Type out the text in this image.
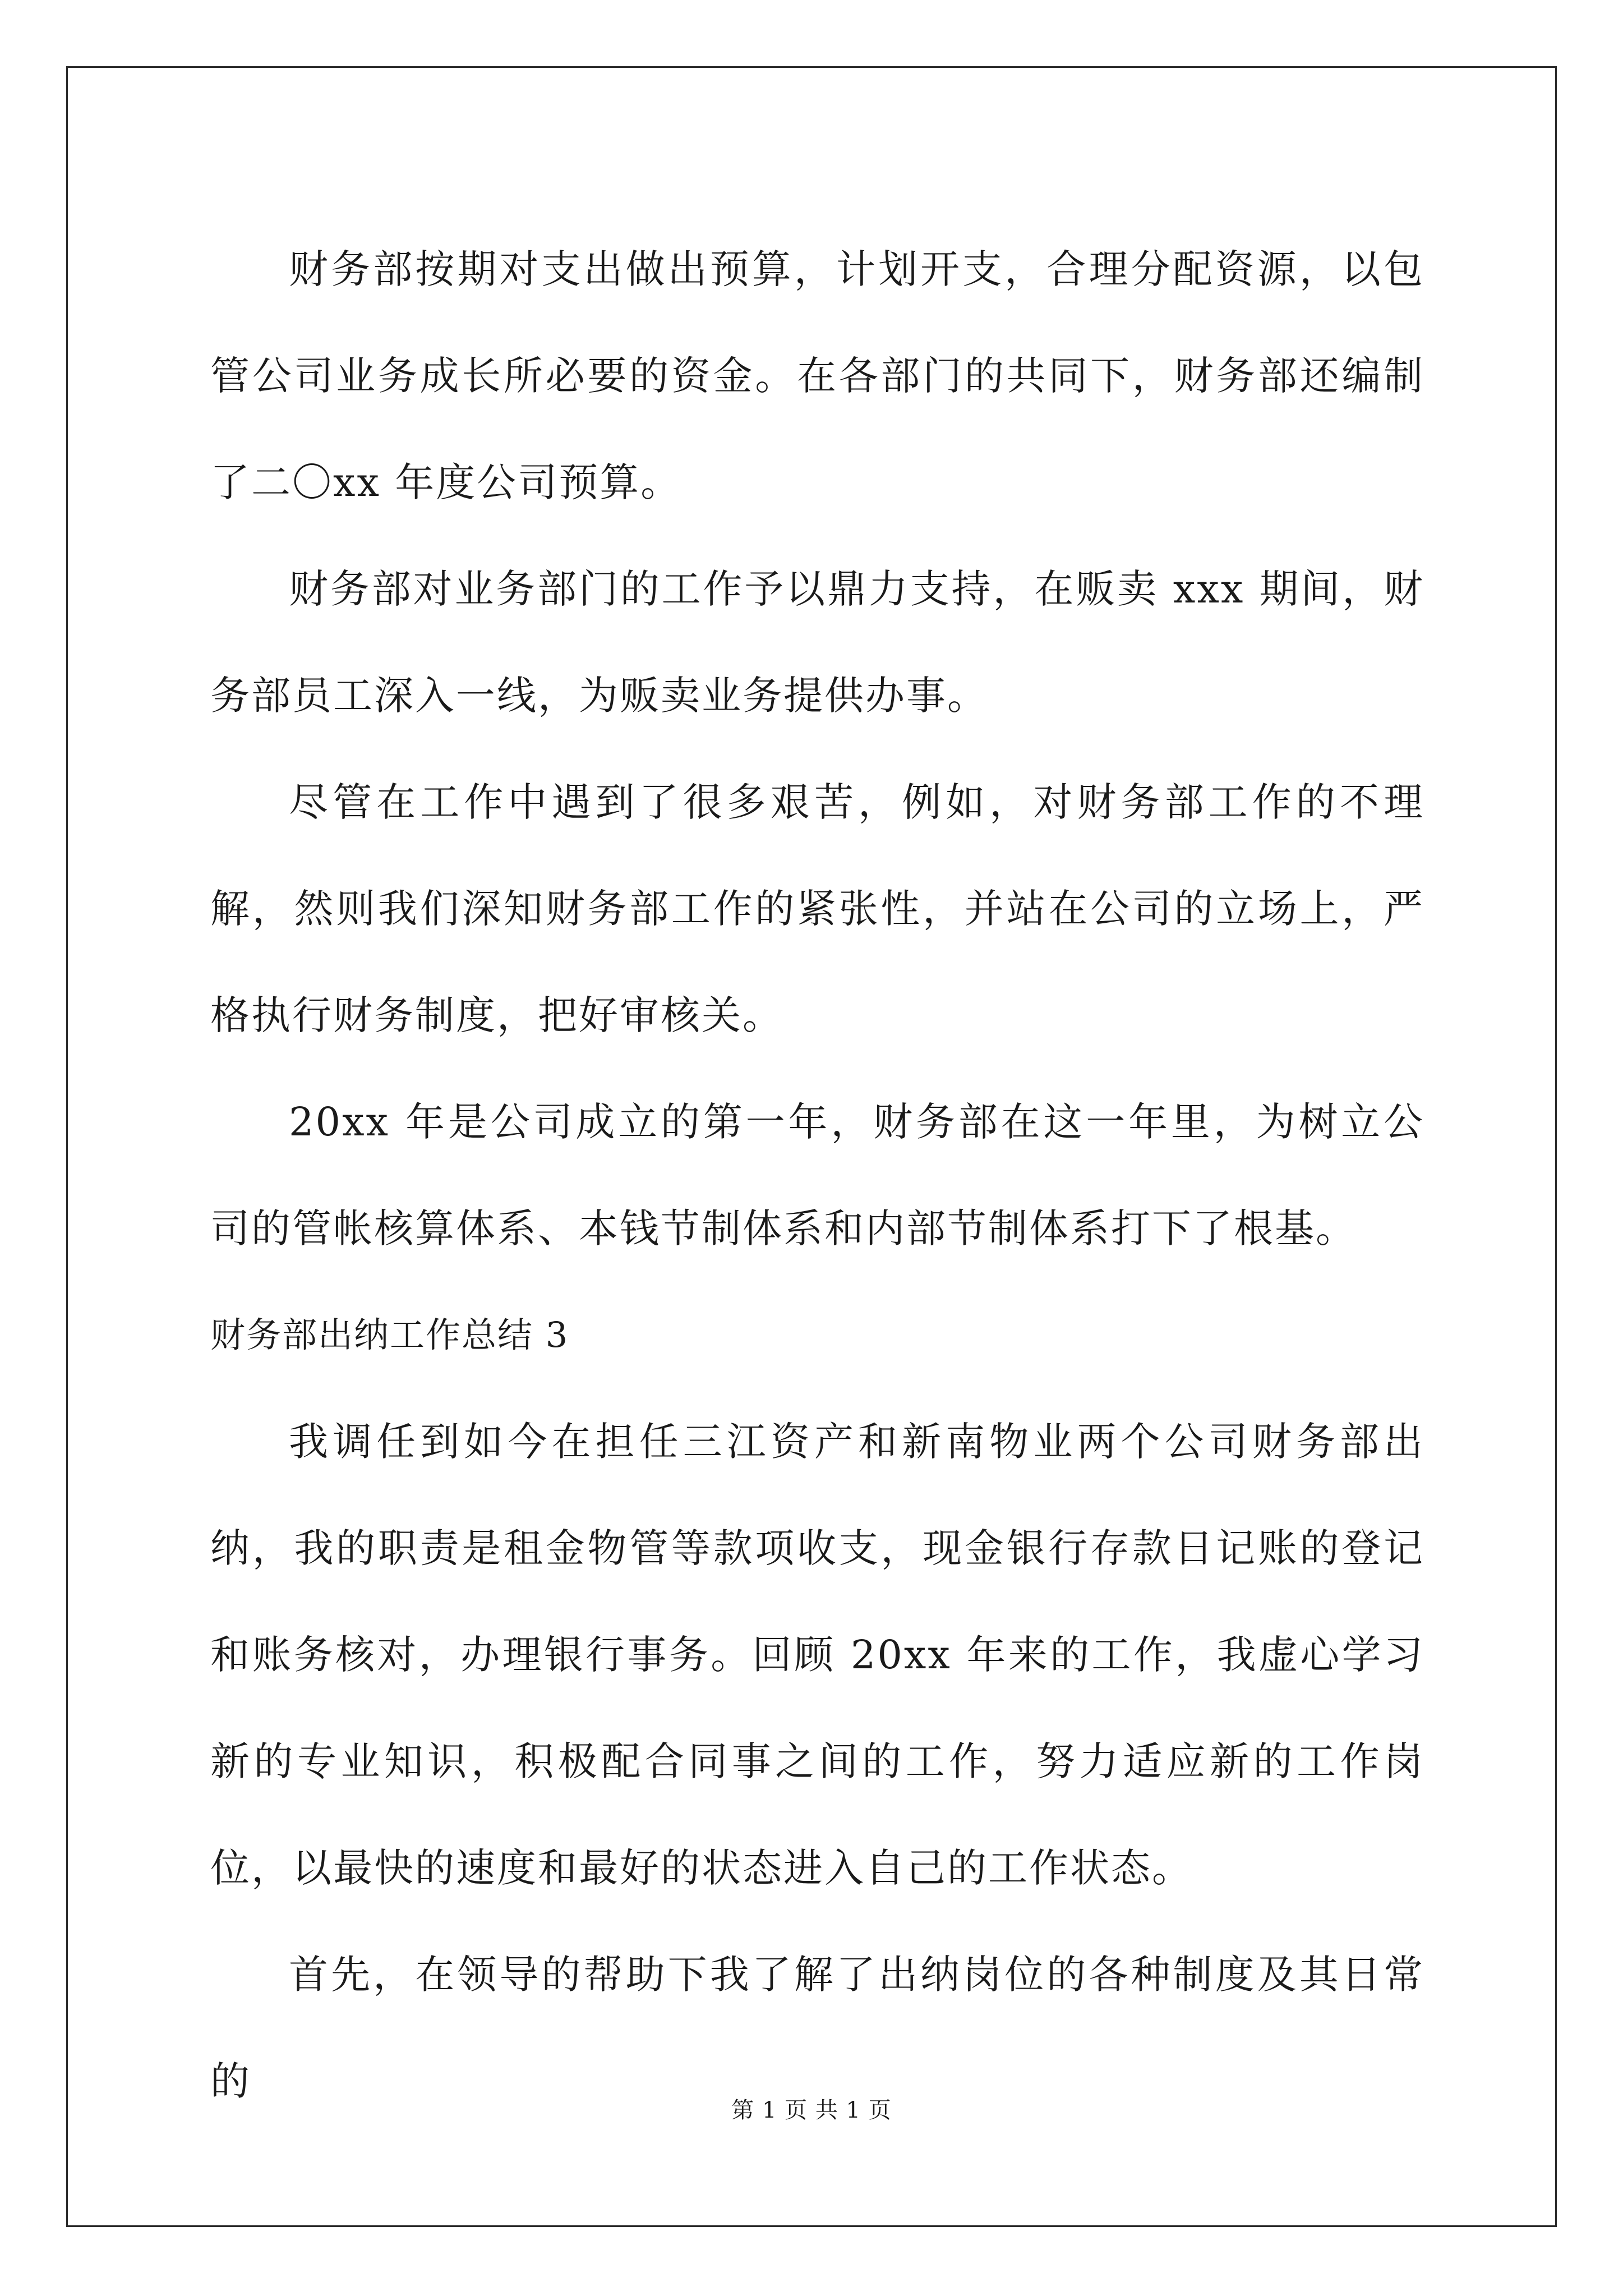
财务部按期对支出做出预算，计划开支，合理分配资源，以包管公司业务成长所必要的资金。在各部门的共同下，财务部还编制了二〇xx 年度公司预算。

财务部对业务部门的工作予以鼎力支持，在贩卖 xxx 期间，财务部员工深入一线，为贩卖业务提供办事。

尽管在工作中遇到了很多艰苦，例如，对财务部工作的不理解，然则我们深知财务部工作的紧张性，并站在公司的立场上，严格执行财务制度，把好审核关。

20xx 年是公司成立的第一年，财务部在这一年里，为树立公司的管帐核算体系、本钱节制体系和内部节制体系打下了根基。

财务部出纳工作总结 3

我调任到如今在担任三江资产和新南物业两个公司财务部出纳，我的职责是租金物管等款项收支，现金银行存款日记账的登记和账务核对，办理银行事务。回顾 20xx 年来的工作，我虚心学习新的专业知识，积极配合同事之间的工作，努力适应新的工作岗位，以最快的速度和最好的状态进入自己的工作状态。

首先，在领导的帮助下我了解了出纳岗位的各种制度及其日常的

第 1 页 共 1 页
